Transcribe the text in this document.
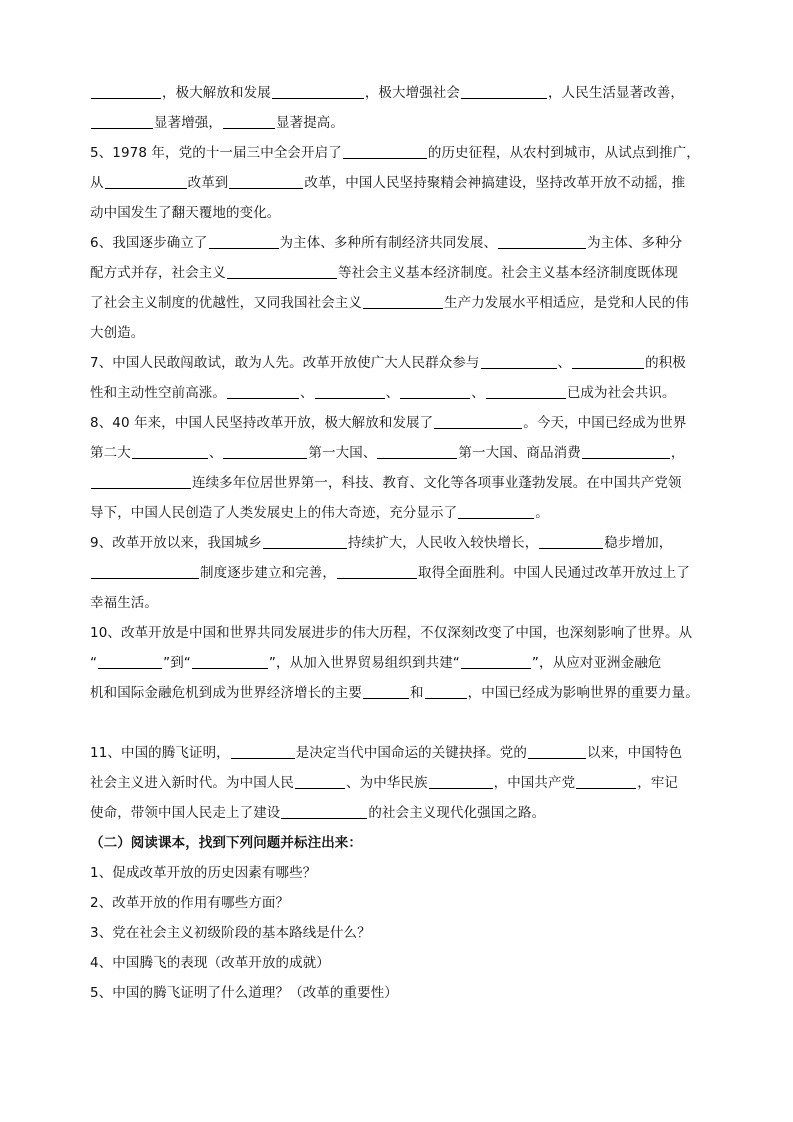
，极大解放和发展	，极大增强社会	，人民生活显著改善，
显著增强，	显著提高。
5、1978 年，党的十一届三中全会开启了	的历史征程，从农村到城市，从试点到推广，
从	改革到	改革，中国人民坚持聚精会神搞建设，坚持改革开放不动摇，推
动中国发生了翻天覆地的变化。
6、我国逐步确立了	为主体、多种所有制经济共同发展、	为主体、多种分
配方式并存，社会主义	等社会主义基本经济制度。社会主义基本经济制度既体现
了社会主义制度的优越性，又同我国社会主义	生产力发展水平相适应，是党和人民的伟
大创造。
7、中国人民敢闯敢试，敢为人先。改革开放使广大人民群众参与	、	的积极
性和主动性空前高涨。	、	、	、	已成为社会共识。
8、40 年来，中国人民坚持改革开放，极大解放和发展了	。今天，中国已经成为世界
第二大	、	第一大国、	第一大国、商品消费	，
连续多年位居世界第一，科技、教育、文化等各项事业蓬勃发展。在中国共产党领
导下，中国人民创造了人类发展史上的伟大奇迹，充分显示了	。
9、改革开放以来，我国城乡	持续扩大，人民收入较快增长，	稳步增加，
制度逐步建立和完善，	取得全面胜利。中国人民通过改革开放过上了
幸福生活。
10、改革开放是中国和世界共同发展进步的伟大历程，不仅深刻改变了中国，也深刻影响了世界。从
“	”到“	”，从加入世界贸易组织到共建“	”，从应对亚洲金融危
机和国际金融危机到成为世界经济增长的主要	和	，中国已经成为影响世界的重要力量。
11、中国的腾飞证明，	是决定当代中国命运的关键抉择。党的	以来，中国特色
社会主义进入新时代。为中国人民	、为中华民族	，中国共产党	，牢记
使命，带领中国人民走上了建设	的社会主义现代化强国之路。
（二）阅读课本，找到下列问题并标注出来：
1、促成改革开放的历史因素有哪些？
2、改革开放的作用有哪些方面？
3、党在社会主义初级阶段的基本路线是什么？
4、中国腾飞的表现（改革开放的成就）
5、中国的腾飞证明了什么道理？（改革的重要性）
